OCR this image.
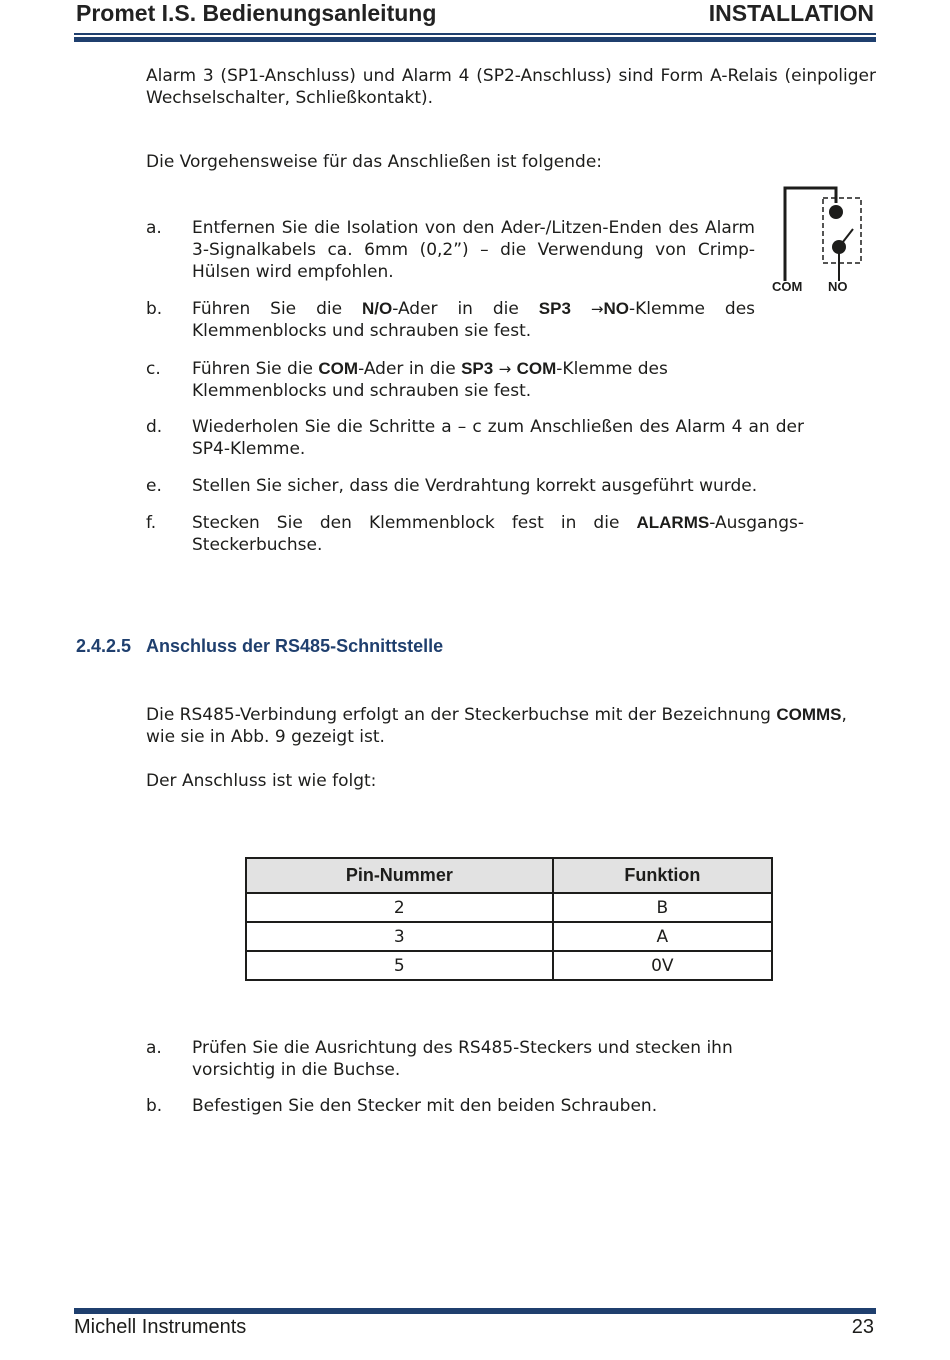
Promet I.S. Bedienungsanleitung	INSTALLATION

Alarm 3 (SP1-Anschluss) und Alarm 4 (SP2-Anschluss) sind Form A-Relais (einpoliger Wechselschalter, Schließkontakt).

Die Vorgehensweise für das Anschließen ist folgende:

COM NO
a. Entfernen Sie die Isolation von den Ader-/Litzen-Enden des Alarm 3-Signalkabels ca. 6mm (0,2”) – die Verwendung von Crimp-Hülsen wird empfohlen.
b. Führen Sie die N/O-Ader in die SP3 →NO-Klemme des Klemmenblocks und schrauben sie fest.
c. Führen Sie die COM-Ader in die SP3 → COM-Klemme des Klemmenblocks und schrauben sie fest.
d. Wiederholen Sie die Schritte a – c zum Anschließen des Alarm 4 an der SP4-Klemme.
e. Stellen Sie sicher, dass die Verdrahtung korrekt ausgeführt wurde.
f. Stecken Sie den Klemmenblock fest in die ALARMS-Ausgangs-Steckerbuchse.
2.4.2.5 Anschluss der RS485-Schnittstelle

Die RS485-Verbindung erfolgt an der Steckerbuchse mit der Bezeichnung COMMS, wie sie in Abb. 9 gezeigt ist.

Der Anschluss ist wie folgt:

Pin-Nummer	Funktion
2	B
3	A
5	0V
a. Prüfen Sie die Ausrichtung des RS485-Steckers und stecken ihn vorsichtig in die Buchse.
b. Befestigen Sie den Stecker mit den beiden Schrauben.
Michell Instruments	23
